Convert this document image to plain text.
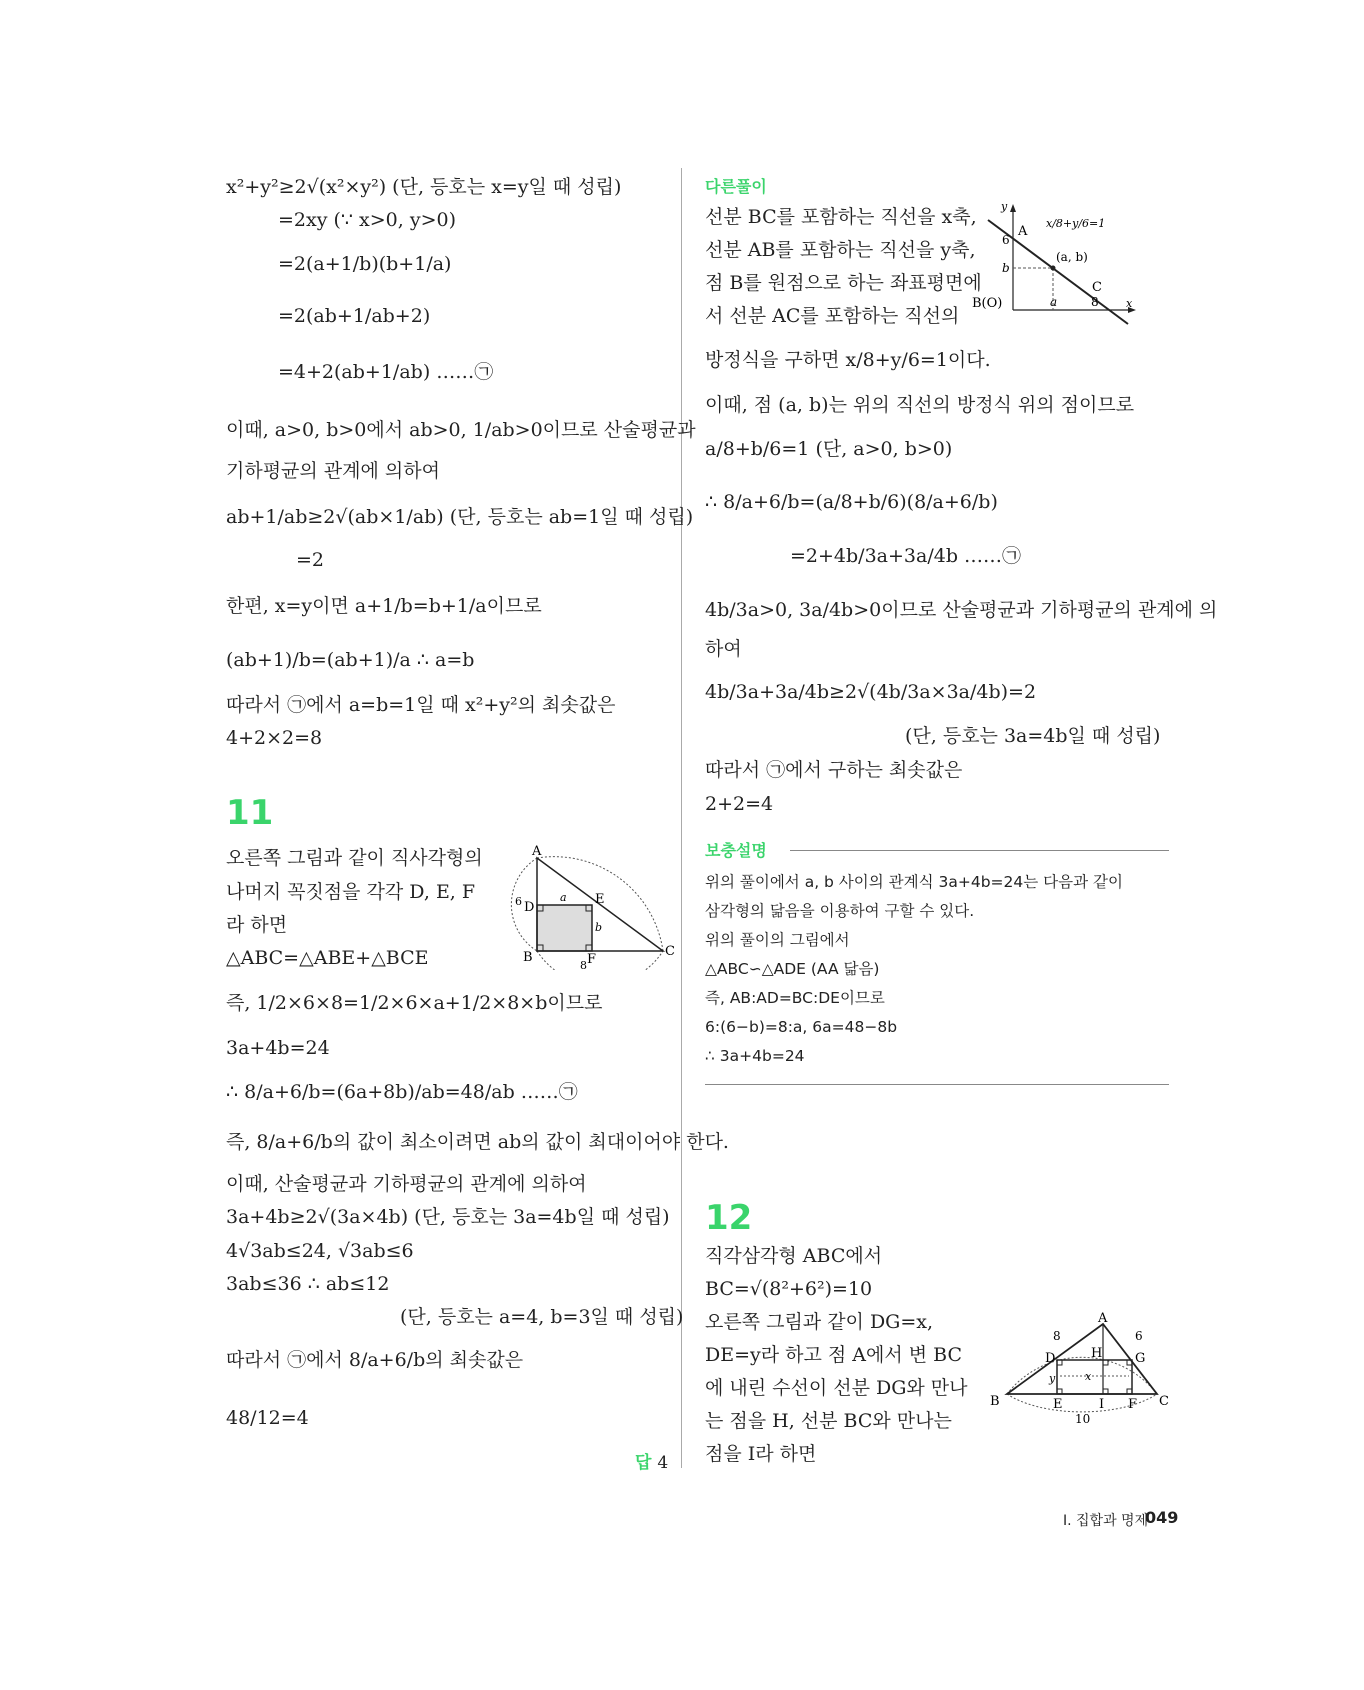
x²+y²≥2√(x²×y²) (단, 등호는 x=y일 때 성립)
=2xy (∵ x>0, y>0)
=2(a+1/b)(b+1/a)
=2(ab+1/ab+2)
=4+2(ab+1/ab) ……㉠
이때, a>0, b>0에서 ab>0, 1/ab>0이므로 산술평균과
기하평균의 관계에 의하여
ab+1/ab≥2√(ab×1/ab) (단, 등호는 ab=1일 때 성립)
=2
한편, x=y이면 a+1/b=b+1/a이므로
(ab+1)/b=(ab+1)/a ∴ a=b
따라서 ㉠에서 a=b=1일 때 x²+y²의 최솟값은
4+2×2=8
11
오른쪽 그림과 같이 직사각형의
나머지 꼭짓점을 각각 D, E, F
라 하면
△ABC=△ABE+△BCE
즉, 1/2×6×8=1/2×6×a+1/2×8×b이므로
3a+4b=24
∴ 8/a+6/b=(6a+8b)/ab=48/ab ……㉠
즉, 8/a+6/b의 값이 최소이려면 ab의 값이 최대이어야 한다.
이때, 산술평균과 기하평균의 관계에 의하여
3a+4b≥2√(3a×4b) (단, 등호는 3a=4b일 때 성립)
4√3ab≤24, √3ab≤6
3ab≤36 ∴ ab≤12
(단, 등호는 a=4, b=3일 때 성립)
따라서 ㉠에서 8/a+6/b의 최솟값은
48/12=4
답 4
A
6 D
a E
b
B	F
8
C
다른풀이
선분 BC를 포함하는 직선을 x축,
선분 AB를 포함하는 직선을 y축,
점 B를 원점으로 하는 좌표평면에
서 선분 AC를 포함하는 직선의
방정식을 구하면 x/8+y/6=1이다.
이때, 점 (a, b)는 위의 직선의 방정식 위의 점이므로
a/8+b/6=1 (단, a>0, b>0)
∴ 8/a+6/b=(a/8+b/6)(8/a+6/b)
=2+4b/3a+3a/4b ……㉠
4b/3a>0, 3a/4b>0이므로 산술평균과 기하평균의 관계에 의
하여
4b/3a+3a/4b≥2√(4b/3a×3a/4b)=2
(단, 등호는 3a=4b일 때 성립)
따라서 ㉠에서 구하는 최솟값은
2+2=4
y
A
6
b
x/8+y/6=1
(a, b)
C
B(O)	a	8 x
보충설명
위의 풀이에서 a, b 사이의 관계식 3a+4b=24는 다음과 같이
삼각형의 닮음을 이용하여 구할 수 있다.
위의 풀이의 그림에서
△ABC∽△ADE (AA 닮음)
즉, AB:AD=BC:DE이므로
6:(6−b)=8:a, 6a=48−8b
∴ 3a+4b=24
12
직각삼각형 ABC에서
BC=√(8²+6²)=10
오른쪽 그림과 같이 DG=x,
DE=y라 하고 점 A에서 변 BC
에 내린 수선이 선분 DG와 만나
는 점을 H, 선분 BC와 만나는
점을 I라 하면
A
8	6
D	H	G
B
y	x
C
E	I F
10
I. 집합과 명제
049
